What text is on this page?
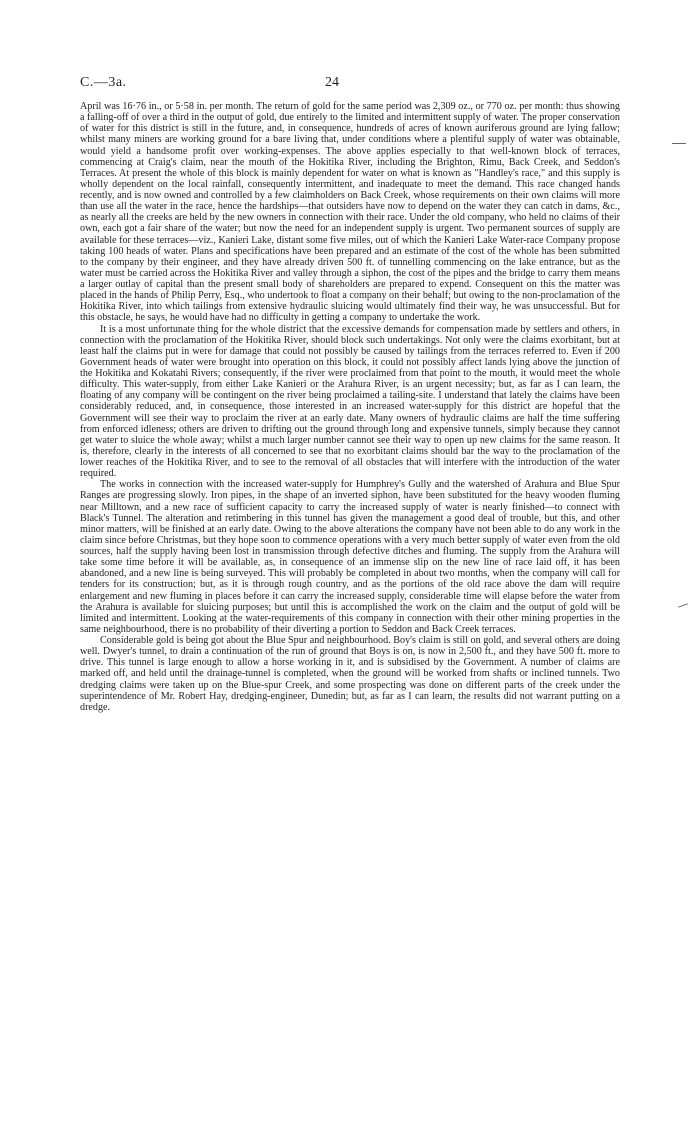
C.—3a.	24

April was 16·76 in., or 5·58 in. per month. The return of gold for the same period was 2,309 oz., or 770 oz. per month: thus showing a falling-off of over a third in the output of gold, due entirely to the limited and intermittent supply of water. The proper conservation of water for this district is still in the future, and, in consequence, hundreds of acres of known auriferous ground are lying fallow; whilst many miners are working ground for a bare living that, under conditions where a plentiful supply of water was obtainable, would yield a handsome profit over working-expenses. The above applies especially to that well-known block of terraces, commencing at Craig's claim, near the mouth of the Hokitika River, including the Brighton, Rimu, Back Creek, and Seddon's Terraces. At present the whole of this block is mainly dependent for water on what is known as "Handley's race," and this supply is wholly dependent on the local rainfall, consequently intermittent, and inadequate to meet the demand. This race changed hands recently, and is now owned and controlled by a few claimholders on Back Creek, whose requirements on their own claims will more than use all the water in the race, hence the hardships—that outsiders have now to depend on the water they can catch in dams, &c., as nearly all the creeks are held by the new owners in connection with their race. Under the old company, who held no claims of their own, each got a fair share of the water; but now the need for an independent supply is urgent. Two permanent sources of supply are available for these terraces—viz., Kanieri Lake, distant some five miles, out of which the Kanieri Lake Water-race Company propose taking 100 heads of water. Plans and specifications have been prepared and an estimate of the cost of the whole has been submitted to the company by their engineer, and they have already driven 500 ft. of tunnelling commencing on the lake entrance, but as the water must be carried across the Hokitika River and valley through a siphon, the cost of the pipes and the bridge to carry them means a larger outlay of capital than the present small body of shareholders are prepared to expend. Consequent on this the matter was placed in the hands of Philip Perry, Esq., who undertook to float a company on their behalf; but owing to the non-proclamation of the Hokitika River, into which tailings from extensive hydraulic sluicing would ultimately find their way, he was unsuccessful. But for this obstacle, he says, he would have had no difficulty in getting a company to undertake the work.

It is a most unfortunate thing for the whole district that the excessive demands for compensation made by settlers and others, in connection with the proclamation of the Hokitika River, should block such undertakings. Not only were the claims exorbitant, but at least half the claims put in were for damage that could not possibly be caused by tailings from the terraces referred to. Even if 200 Government heads of water were brought into operation on this block, it could not possibly affect lands lying above the junction of the Hokitika and Kokatahi Rivers; consequently, if the river were proclaimed from that point to the mouth, it would meet the whole difficulty. This water-supply, from either Lake Kanieri or the Arahura River, is an urgent necessity; but, as far as I can learn, the floating of any company will be contingent on the river being proclaimed a tailing-site. I understand that lately the claims have been considerably reduced, and, in consequence, those interested in an increased water-supply for this district are hopeful that the Government will see their way to proclaim the river at an early date. Many owners of hydraulic claims are half the time suffering from enforced idleness; others are driven to drifting out the ground through long and expensive tunnels, simply because they cannot get water to sluice the whole away; whilst a much larger number cannot see their way to open up new claims for the same reason. It is, therefore, clearly in the interests of all concerned to see that no exorbitant claims should bar the way to the proclamation of the lower reaches of the Hokitika River, and to see to the removal of all obstacles that will interfere with the introduction of the water required.

The works in connection with the increased water-supply for Humphrey's Gully and the watershed of Arahura and Blue Spur Ranges are progressing slowly. Iron pipes, in the shape of an inverted siphon, have been substituted for the heavy wooden fluming near Milltown, and a new race of sufficient capacity to carry the increased supply of water is nearly finished—to connect with Black's Tunnel. The alteration and retimbering in this tunnel has given the management a good deal of trouble, but this, and other minor matters, will be finished at an early date. Owing to the above alterations the company have not been able to do any work in the claim since before Christmas, but they hope soon to commence operations with a very much better supply of water even from the old sources, half the supply having been lost in transmission through defective ditches and fluming. The supply from the Arahura will take some time before it will be available, as, in consequence of an immense slip on the new line of race laid off, it has been abandoned, and a new line is being surveyed. This will probably be completed in about two months, when the company will call for tenders for its construction; but, as it is through rough country, and as the portions of the old race above the dam will require enlargement and new fluming in places before it can carry the increased supply, considerable time will elapse before the water from the Arahura is available for sluicing purposes; but until this is accomplished the work on the claim and the output of gold will be limited and intermittent. Looking at the water-requirements of this company in connection with their other mining properties in the same neighbourhood, there is no probability of their diverting a portion to Seddon and Back Creek terraces.

Considerable gold is being got about the Blue Spur and neighbourhood. Boy's claim is still on gold, and several others are doing well. Dwyer's tunnel, to drain a continuation of the run of ground that Boys is on, is now in 2,500 ft., and they have 500 ft. more to drive. This tunnel is large enough to allow a horse working in it, and is subsidised by the Government. A number of claims are marked off, and held until the drainage-tunnel is completed, when the ground will be worked from shafts or inclined tunnels. Two dredging claims were taken up on the Blue-spur Creek, and some prospecting was done on different parts of the creek under the superintendence of Mr. Robert Hay, dredging-engineer, Dunedin; but, as far as I can learn, the results did not warrant putting on a dredge.
